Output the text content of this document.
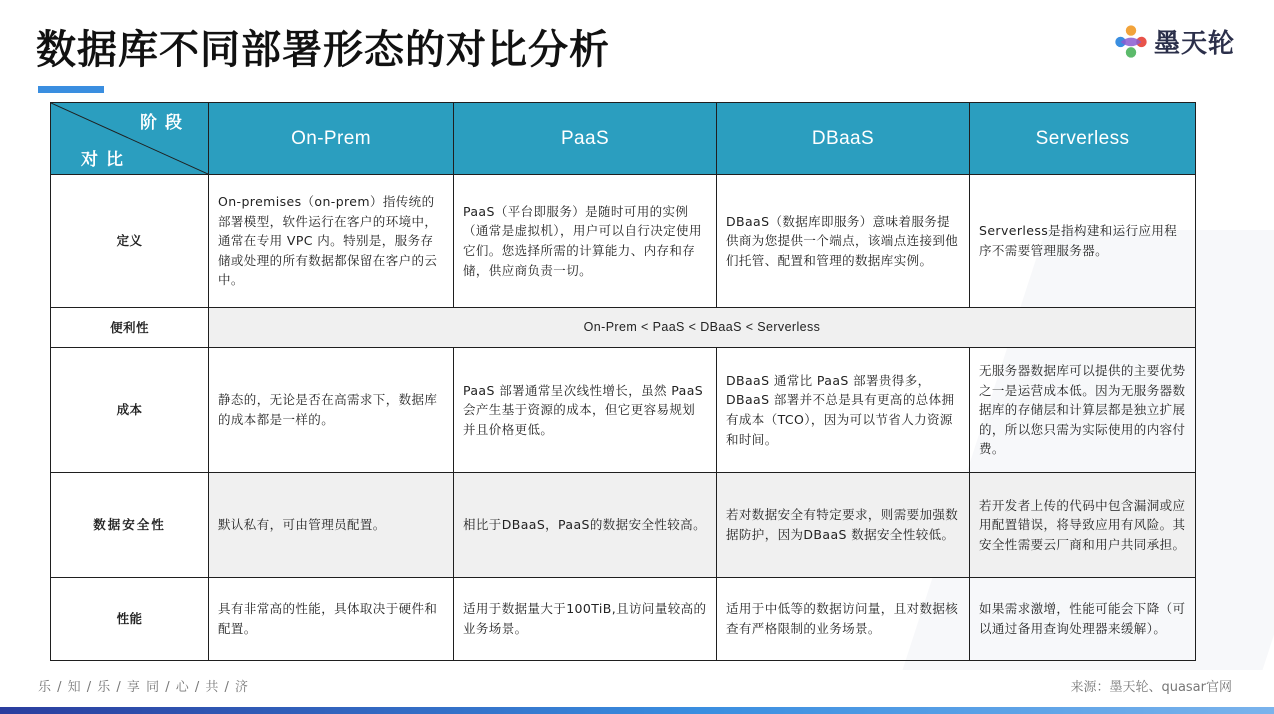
数据库不同部署形态的对比分析	墨天轮
阶段
对比	On-Prem	PaaS	DBaaS	Serverless
定义	On-premises（on-prem）指传统的部署模型，软件运行在客户的环境中，通常在专用 VPC 内。特别是，服务存储或处理的所有数据都保留在客户的云中。	PaaS（平台即服务）是随时可用的实例（通常是虚拟机），用户可以自行决定使用它们。您选择所需的计算能力、内存和存储，供应商负责一切。	DBaaS（数据库即服务）意味着服务提供商为您提供一个端点，该端点连接到他们托管、配置和管理的数据库实例。	Serverless是指构建和运行应用程序不需要管理服务器。
便利性	On-Prem < PaaS < DBaaS < Serverless			
成本	静态的，无论是否在高需求下，数据库的成本都是一样的。	PaaS 部署通常呈次线性增长，虽然 PaaS 会产生基于资源的成本，但它更容易规划并且价格更低。	DBaaS 通常比 PaaS 部署贵得多，DBaaS 部署并不总是具有更高的总体拥有成本（TCO），因为可以节省人力资源和时间。	无服务器数据库可以提供的主要优势之一是运营成本低。因为无服务器数据库的存储层和计算层都是独立扩展的，所以您只需为实际使用的内容付费。
数据安全性	默认私有，可由管理员配置。	相比于DBaaS，PaaS的数据安全性较高。	若对数据安全有特定要求，则需要加强数据防护，因为DBaaS 数据安全性较低。	若开发者上传的代码中包含漏洞或应用配置错误，将导致应用有风险。其安全性需要云厂商和用户共同承担。
性能	具有非常高的性能，具体取决于硬件和配置。	适用于数据量大于100TiB,且访问量较高的业务场景。	适用于中低等的数据访问量，且对数据核查有严格限制的业务场景。	如果需求激增，性能可能会下降（可以通过备用查询处理器来缓解）。
乐 / 知 / 乐 / 享 同 / 心 / 共 / 济	来源：墨天轮、quasar官网
